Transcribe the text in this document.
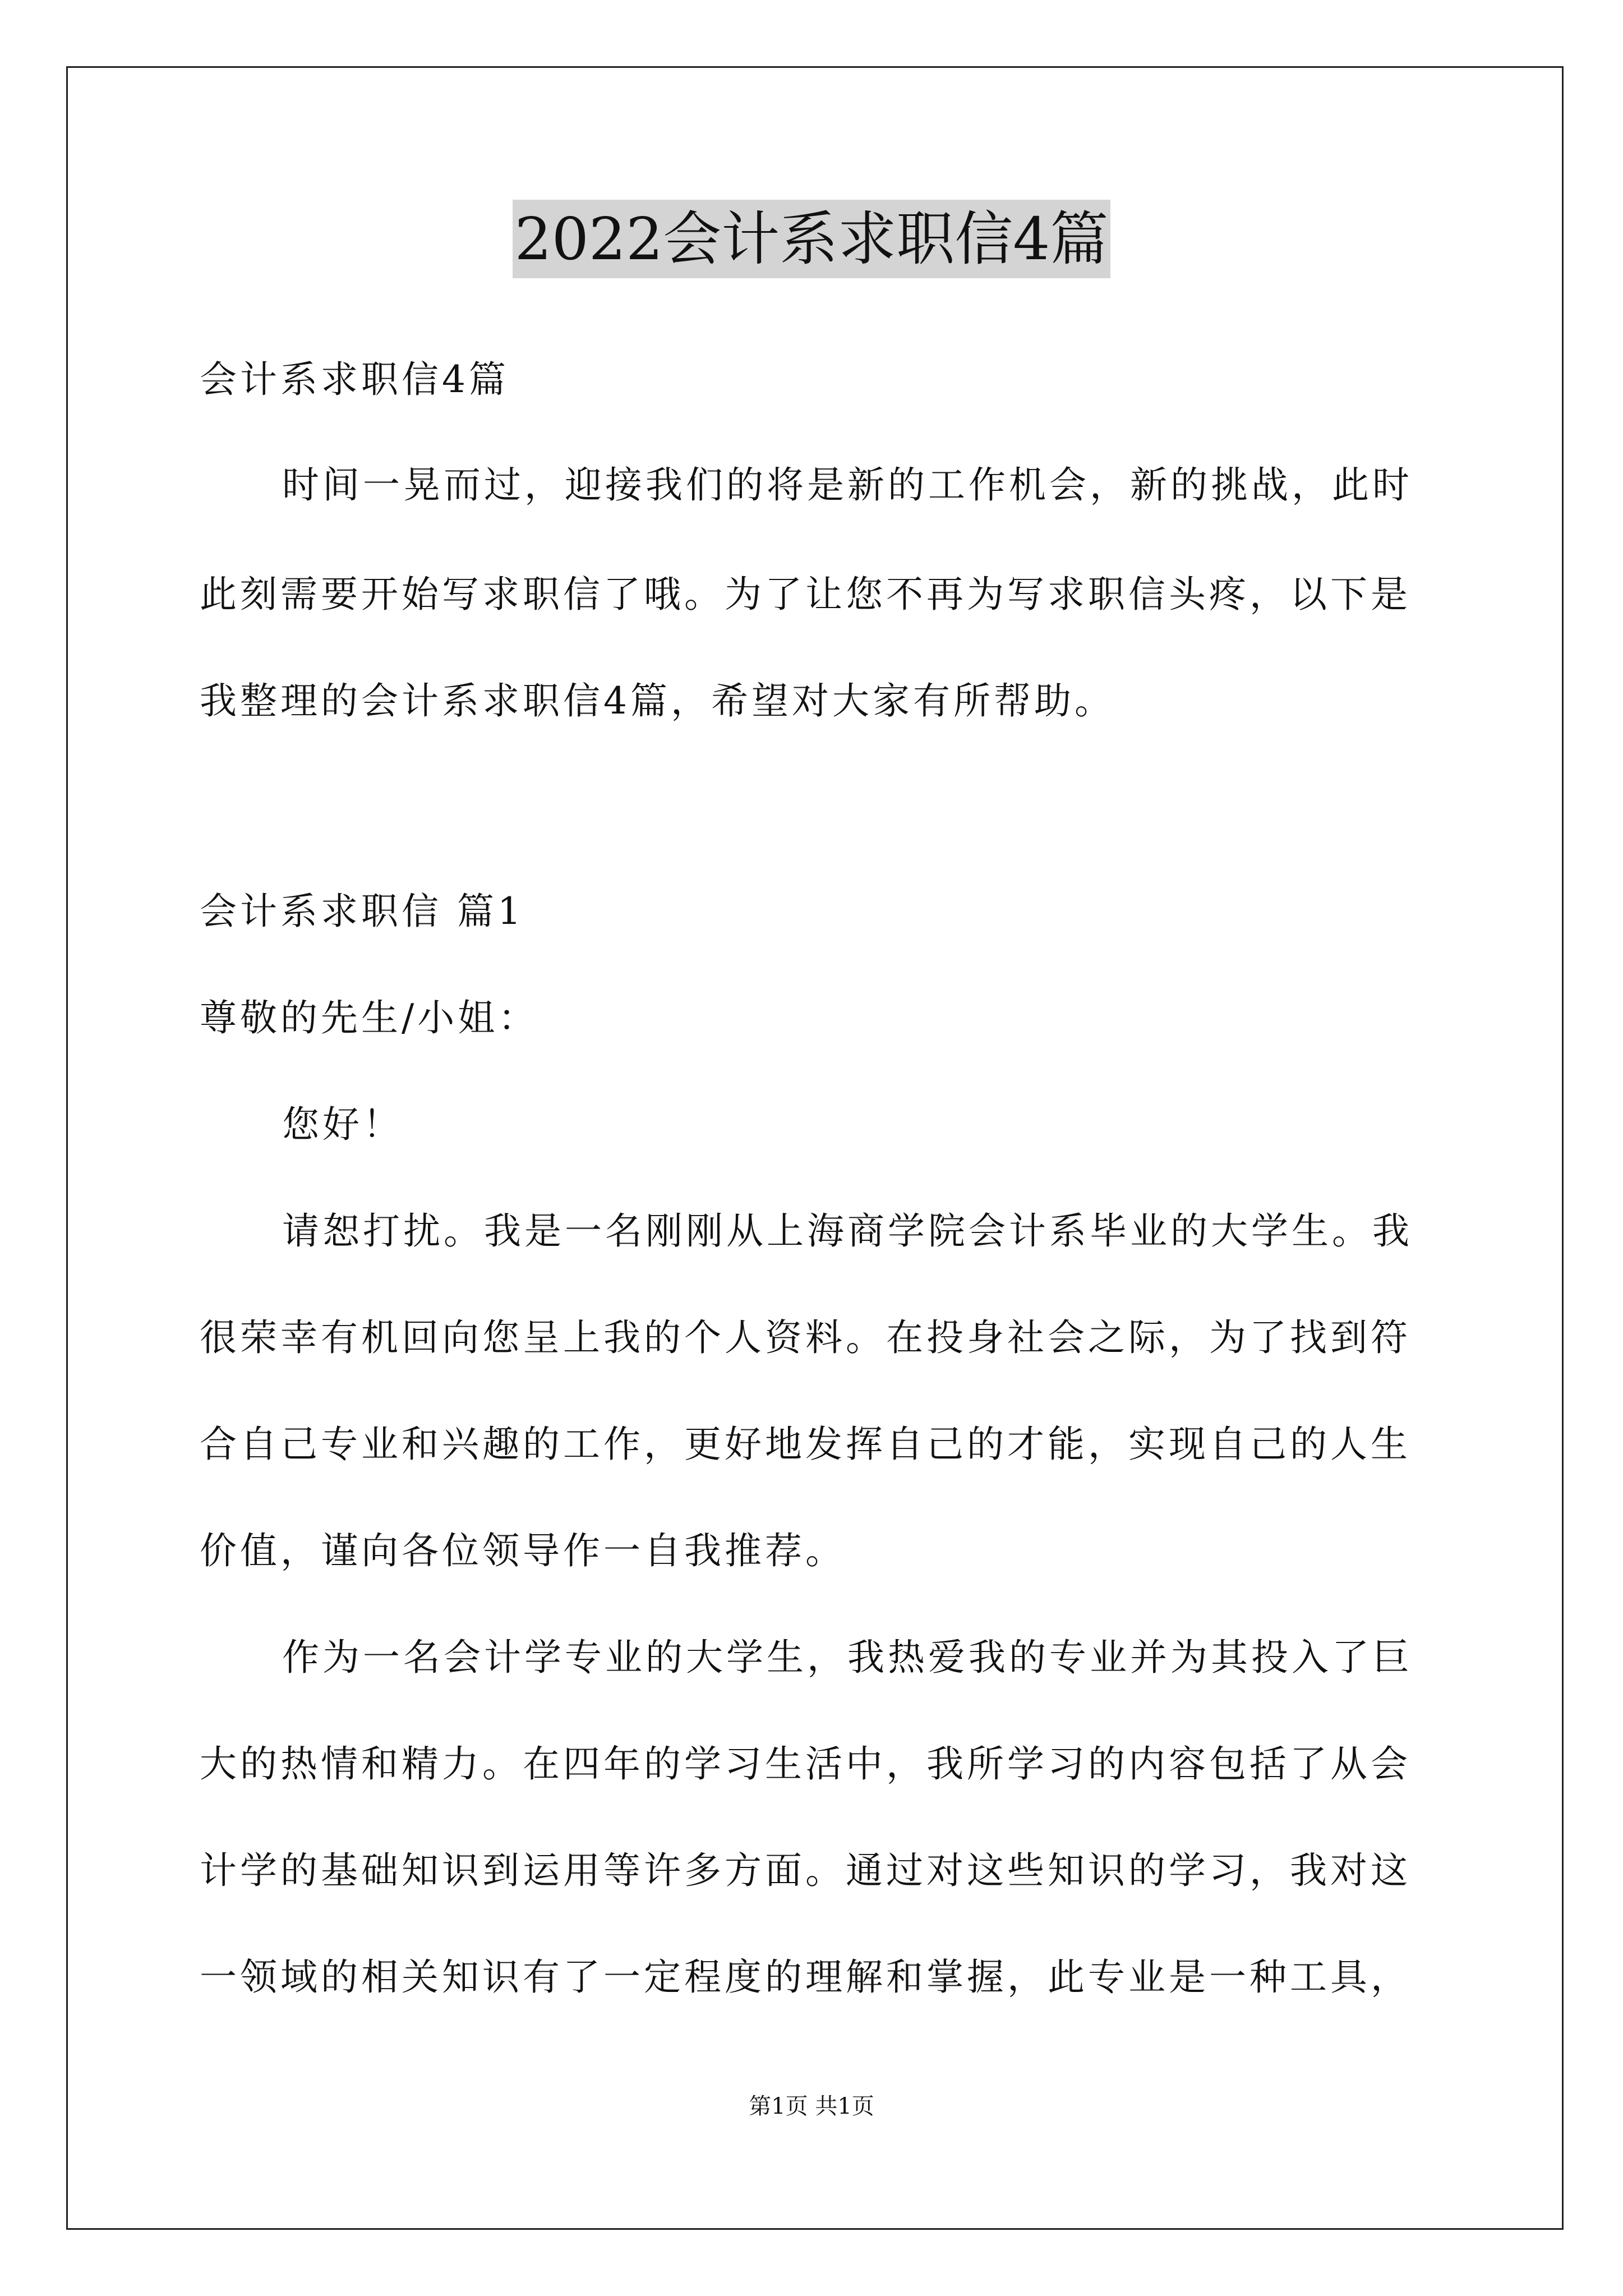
2022会计系求职信4篇
会计系求职信4篇
时间一晃而过，迎接我们的将是新的工作机会，新的挑战，此时
此刻需要开始写求职信了哦。为了让您不再为写求职信头疼，以下是
我整理的会计系求职信4篇，希望对大家有所帮助。
会计系求职信 篇1
尊敬的先生/小姐：
您好！
请恕打扰。我是一名刚刚从上海商学院会计系毕业的大学生。我
很荣幸有机回向您呈上我的个人资料。在投身社会之际，为了找到符
合自己专业和兴趣的工作，更好地发挥自己的才能，实现自己的人生
价值，谨向各位领导作一自我推荐。
作为一名会计学专业的大学生，我热爱我的专业并为其投入了巨
大的热情和精力。在四年的学习生活中，我所学习的内容包括了从会
计学的基础知识到运用等许多方面。通过对这些知识的学习，我对这
一领域的相关知识有了一定程度的理解和掌握，此专业是一种工具，
第1页 共1页
